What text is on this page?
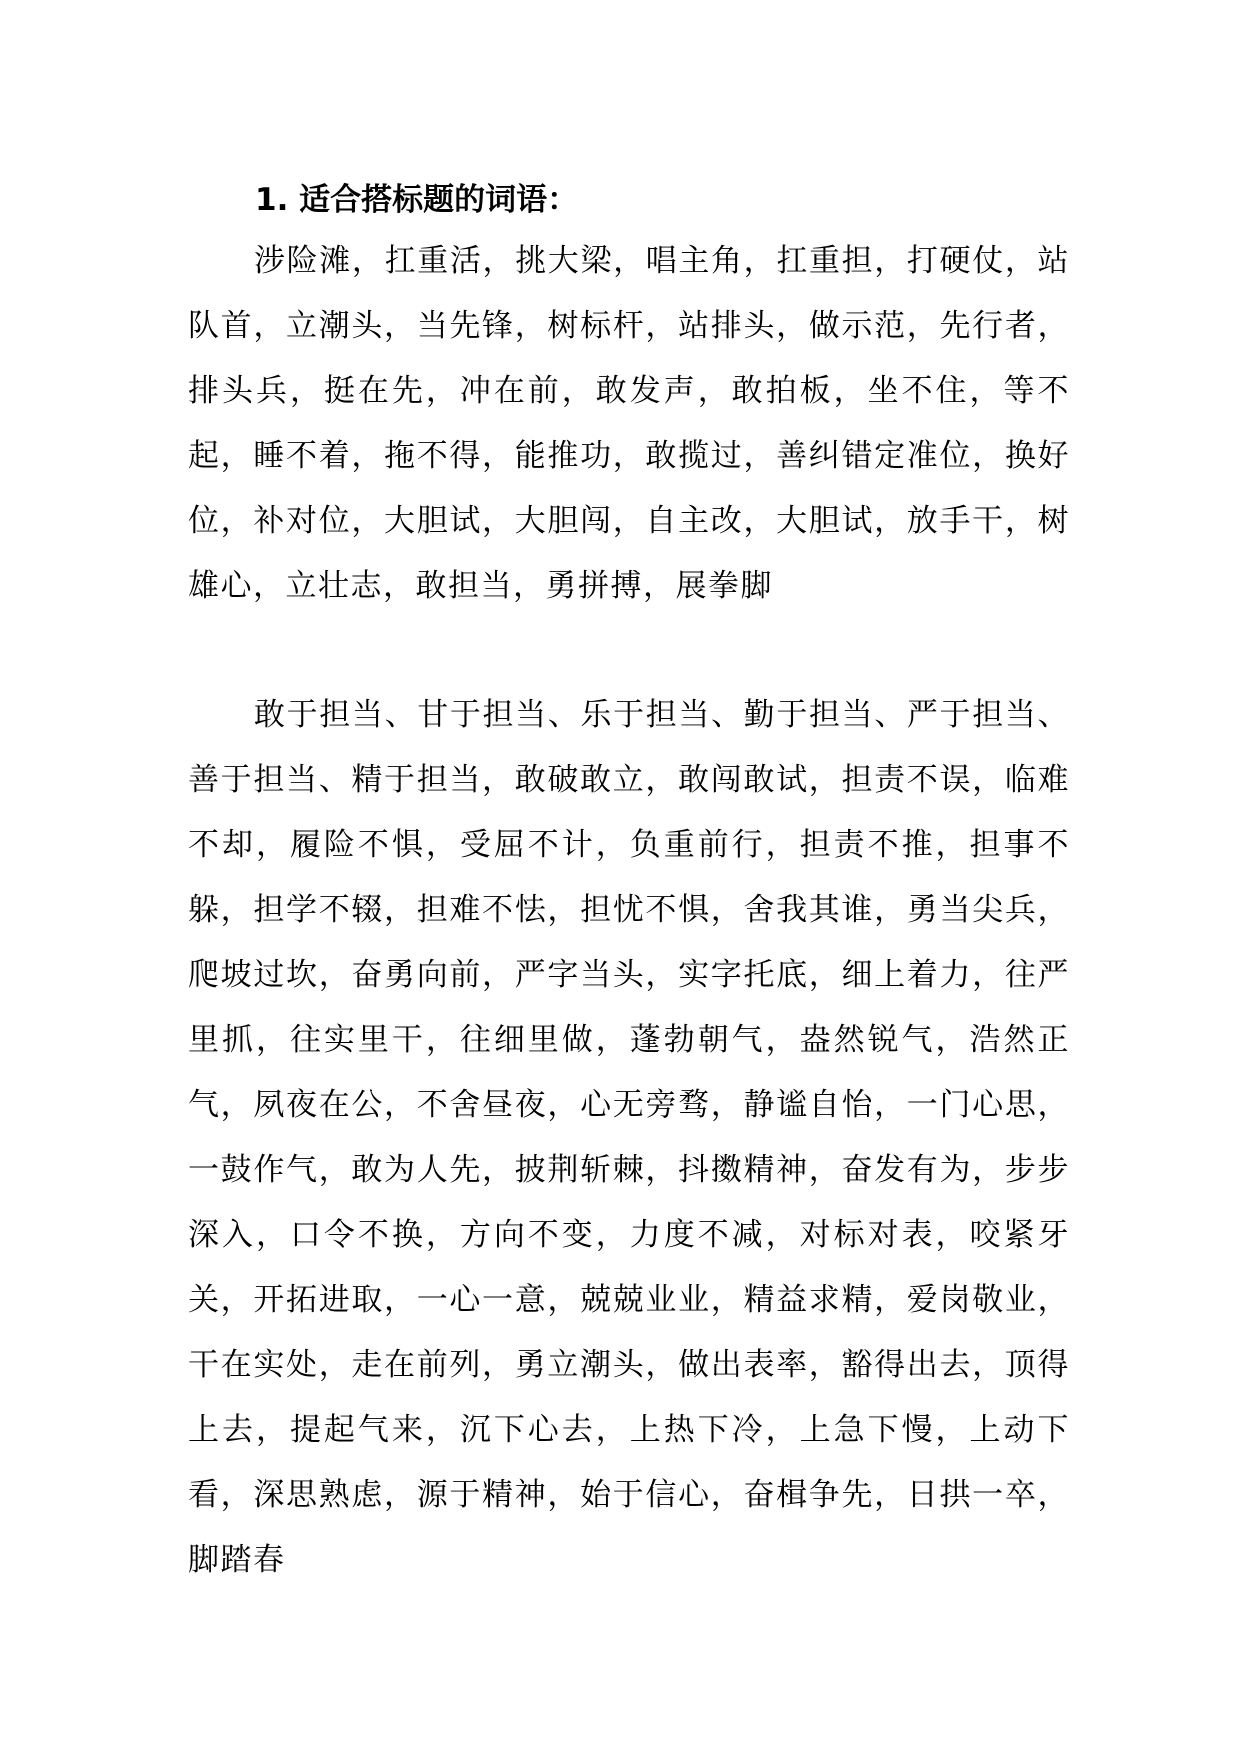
1. 适合搭标题的词语：

涉险滩，扛重活，挑大梁，唱主角，扛重担，打硬仗，站队首，立潮头，当先锋，树标杆，站排头，做示范，先行者，排头兵，挺在先，冲在前，敢发声，敢拍板，坐不住，等不起，睡不着，拖不得，能推功，敢揽过，善纠错定准位，换好位，补对位，大胆试，大胆闯，自主改，大胆试，放手干，树雄心，立壮志，敢担当，勇拼搏，展拳脚

敢于担当、甘于担当、乐于担当、勤于担当、严于担当、善于担当、精于担当，敢破敢立，敢闯敢试，担责不误，临难不却，履险不惧，受屈不计，负重前行，担责不推，担事不躲，担学不辍，担难不怯，担忧不惧，舍我其谁，勇当尖兵，爬坡过坎，奋勇向前，严字当头，实字托底，细上着力，往严里抓，往实里干，往细里做，蓬勃朝气，盎然锐气，浩然正气，夙夜在公，不舍昼夜，心无旁骛，静谧自怡，一门心思，一鼓作气，敢为人先，披荆斩棘，抖擞精神，奋发有为，步步深入，口令不换，方向不变，力度不减，对标对表，咬紧牙关，开拓进取，一心一意，兢兢业业，精益求精，爱岗敬业，干在实处，走在前列，勇立潮头，做出表率，豁得出去，顶得上去，提起气来，沉下心去，上热下冷，上急下慢，上动下看，深思熟虑，源于精神，始于信心，奋楫争先，日拱一卒，脚踏春
